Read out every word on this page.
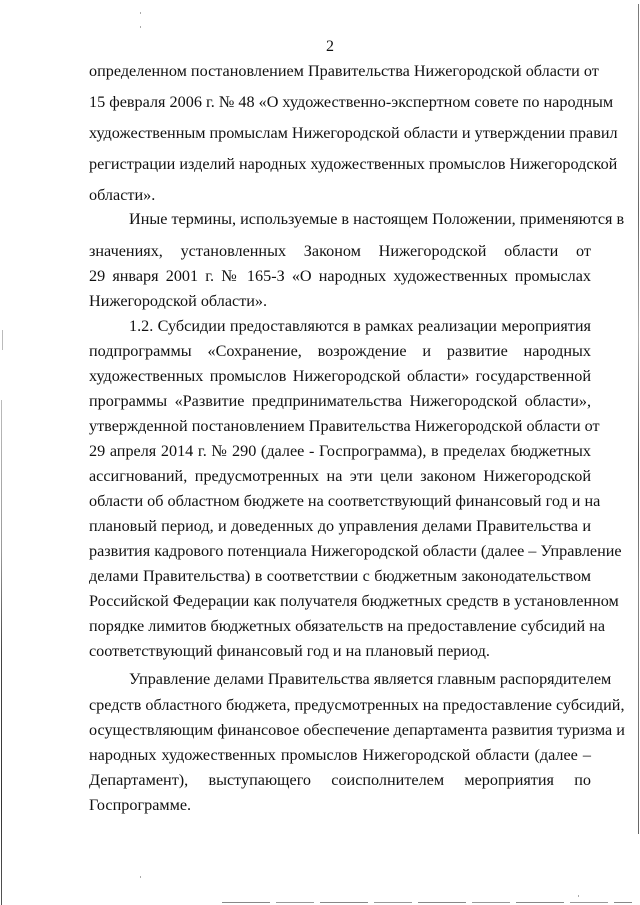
2
определенном постановлением Правительства Нижегородской области от
15 февраля 2006 г. № 48 «О художественно-экспертном совете по народным
художественным промыслам Нижегородской области и утверждении правил
регистрации изделий народных художественных промыслов Нижегородской
области».
Иные термины, используемые в настоящем Положении, применяются в
значениях, установленных Законом Нижегородской области от
29 января 2001 г. № 165-З «О народных художественных промыслах
Нижегородской области».
1.2. Субсидии предоставляются в рамках реализации мероприятия
подпрограммы «Сохранение, возрождение и развитие народных
художественных промыслов Нижегородской области» государственной
программы «Развитие предпринимательства Нижегородской области»,
утвержденной постановлением Правительства Нижегородской области от
29 апреля 2014 г. № 290 (далее - Госпрограмма), в пределах бюджетных
ассигнований, предусмотренных на эти цели законом Нижегородской
области об областном бюджете на соответствующий финансовый год и на
плановый период, и доведенных до управления делами Правительства и
развития кадрового потенциала Нижегородской области (далее – Управление
делами Правительства) в соответствии с бюджетным законодательством
Российской Федерации как получателя бюджетных средств в установленном
порядке лимитов бюджетных обязательств на предоставление субсидий на
соответствующий финансовый год и на плановый период.
Управление делами Правительства является главным распорядителем
средств областного бюджета, предусмотренных на предоставление субсидий,
осуществляющим финансовое обеспечение департамента развития туризма и
народных художественных промыслов Нижегородской области (далее –
Департамент), выступающего соисполнителем мероприятия по
Госпрограмме.
